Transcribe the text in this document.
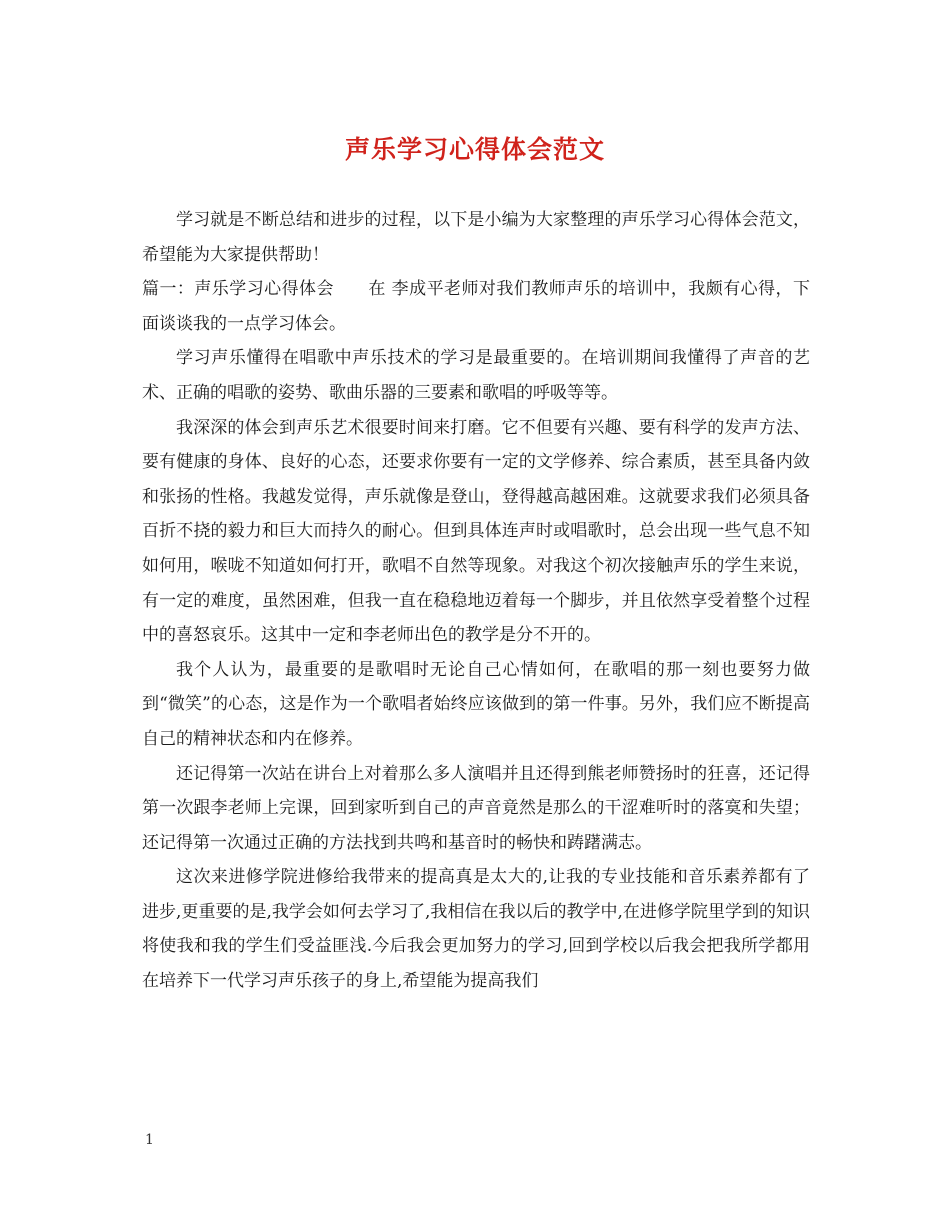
声乐学习心得体会范文

学习就是不断总结和进步的过程，以下是小编为大家整理的声乐学习心得体会范文，希望能为大家提供帮助！

篇一：声乐学习心得体会 在 李成平老师对我们教师声乐的培训中，我颇有心得，下面谈谈我的一点学习体会。

学习声乐懂得在唱歌中声乐技术的学习是最重要的。在培训期间我懂得了声音的艺术、正确的唱歌的姿势、歌曲乐器的三要素和歌唱的呼吸等等。

我深深的体会到声乐艺术很要时间来打磨。它不但要有兴趣、要有科学的发声方法、要有健康的身体、良好的心态，还要求你要有一定的文学修养、综合素质，甚至具备内敛和张扬的性格。我越发觉得，声乐就像是登山，登得越高越困难。这就要求我们必须具备百折不挠的毅力和巨大而持久的耐心。但到具体连声时或唱歌时，总会出现一些气息不知如何用，喉咙不知道如何打开，歌唱不自然等现象。对我这个初次接触声乐的学生来说，有一定的难度，虽然困难，但我一直在稳稳地迈着每一个脚步，并且依然享受着整个过程中的喜怒哀乐。这其中一定和李老师出色的教学是分不开的。

我个人认为，最重要的是歌唱时无论自己心情如何，在歌唱的那一刻也要努力做到“微笑”的心态，这是作为一个歌唱者始终应该做到的第一件事。另外，我们应不断提高自己的精神状态和内在修养。

还记得第一次站在讲台上对着那么多人演唱并且还得到熊老师赞扬时的狂喜，还记得第一次跟李老师上完课，回到家听到自己的声音竟然是那么的干涩难听时的落寞和失望；还记得第一次通过正确的方法找到共鸣和基音时的畅快和踌躇满志。

这次来进修学院进修给我带来的提高真是太大的,让我的专业技能和音乐素养都有了进步,更重要的是,我学会如何去学习了,我相信在我以后的教学中,在进修学院里学到的知识将使我和我的学生们受益匪浅.今后我会更加努力的学习,回到学校以后我会把我所学都用在培养下一代学习声乐孩子的身上,希望能为提高我们

1
